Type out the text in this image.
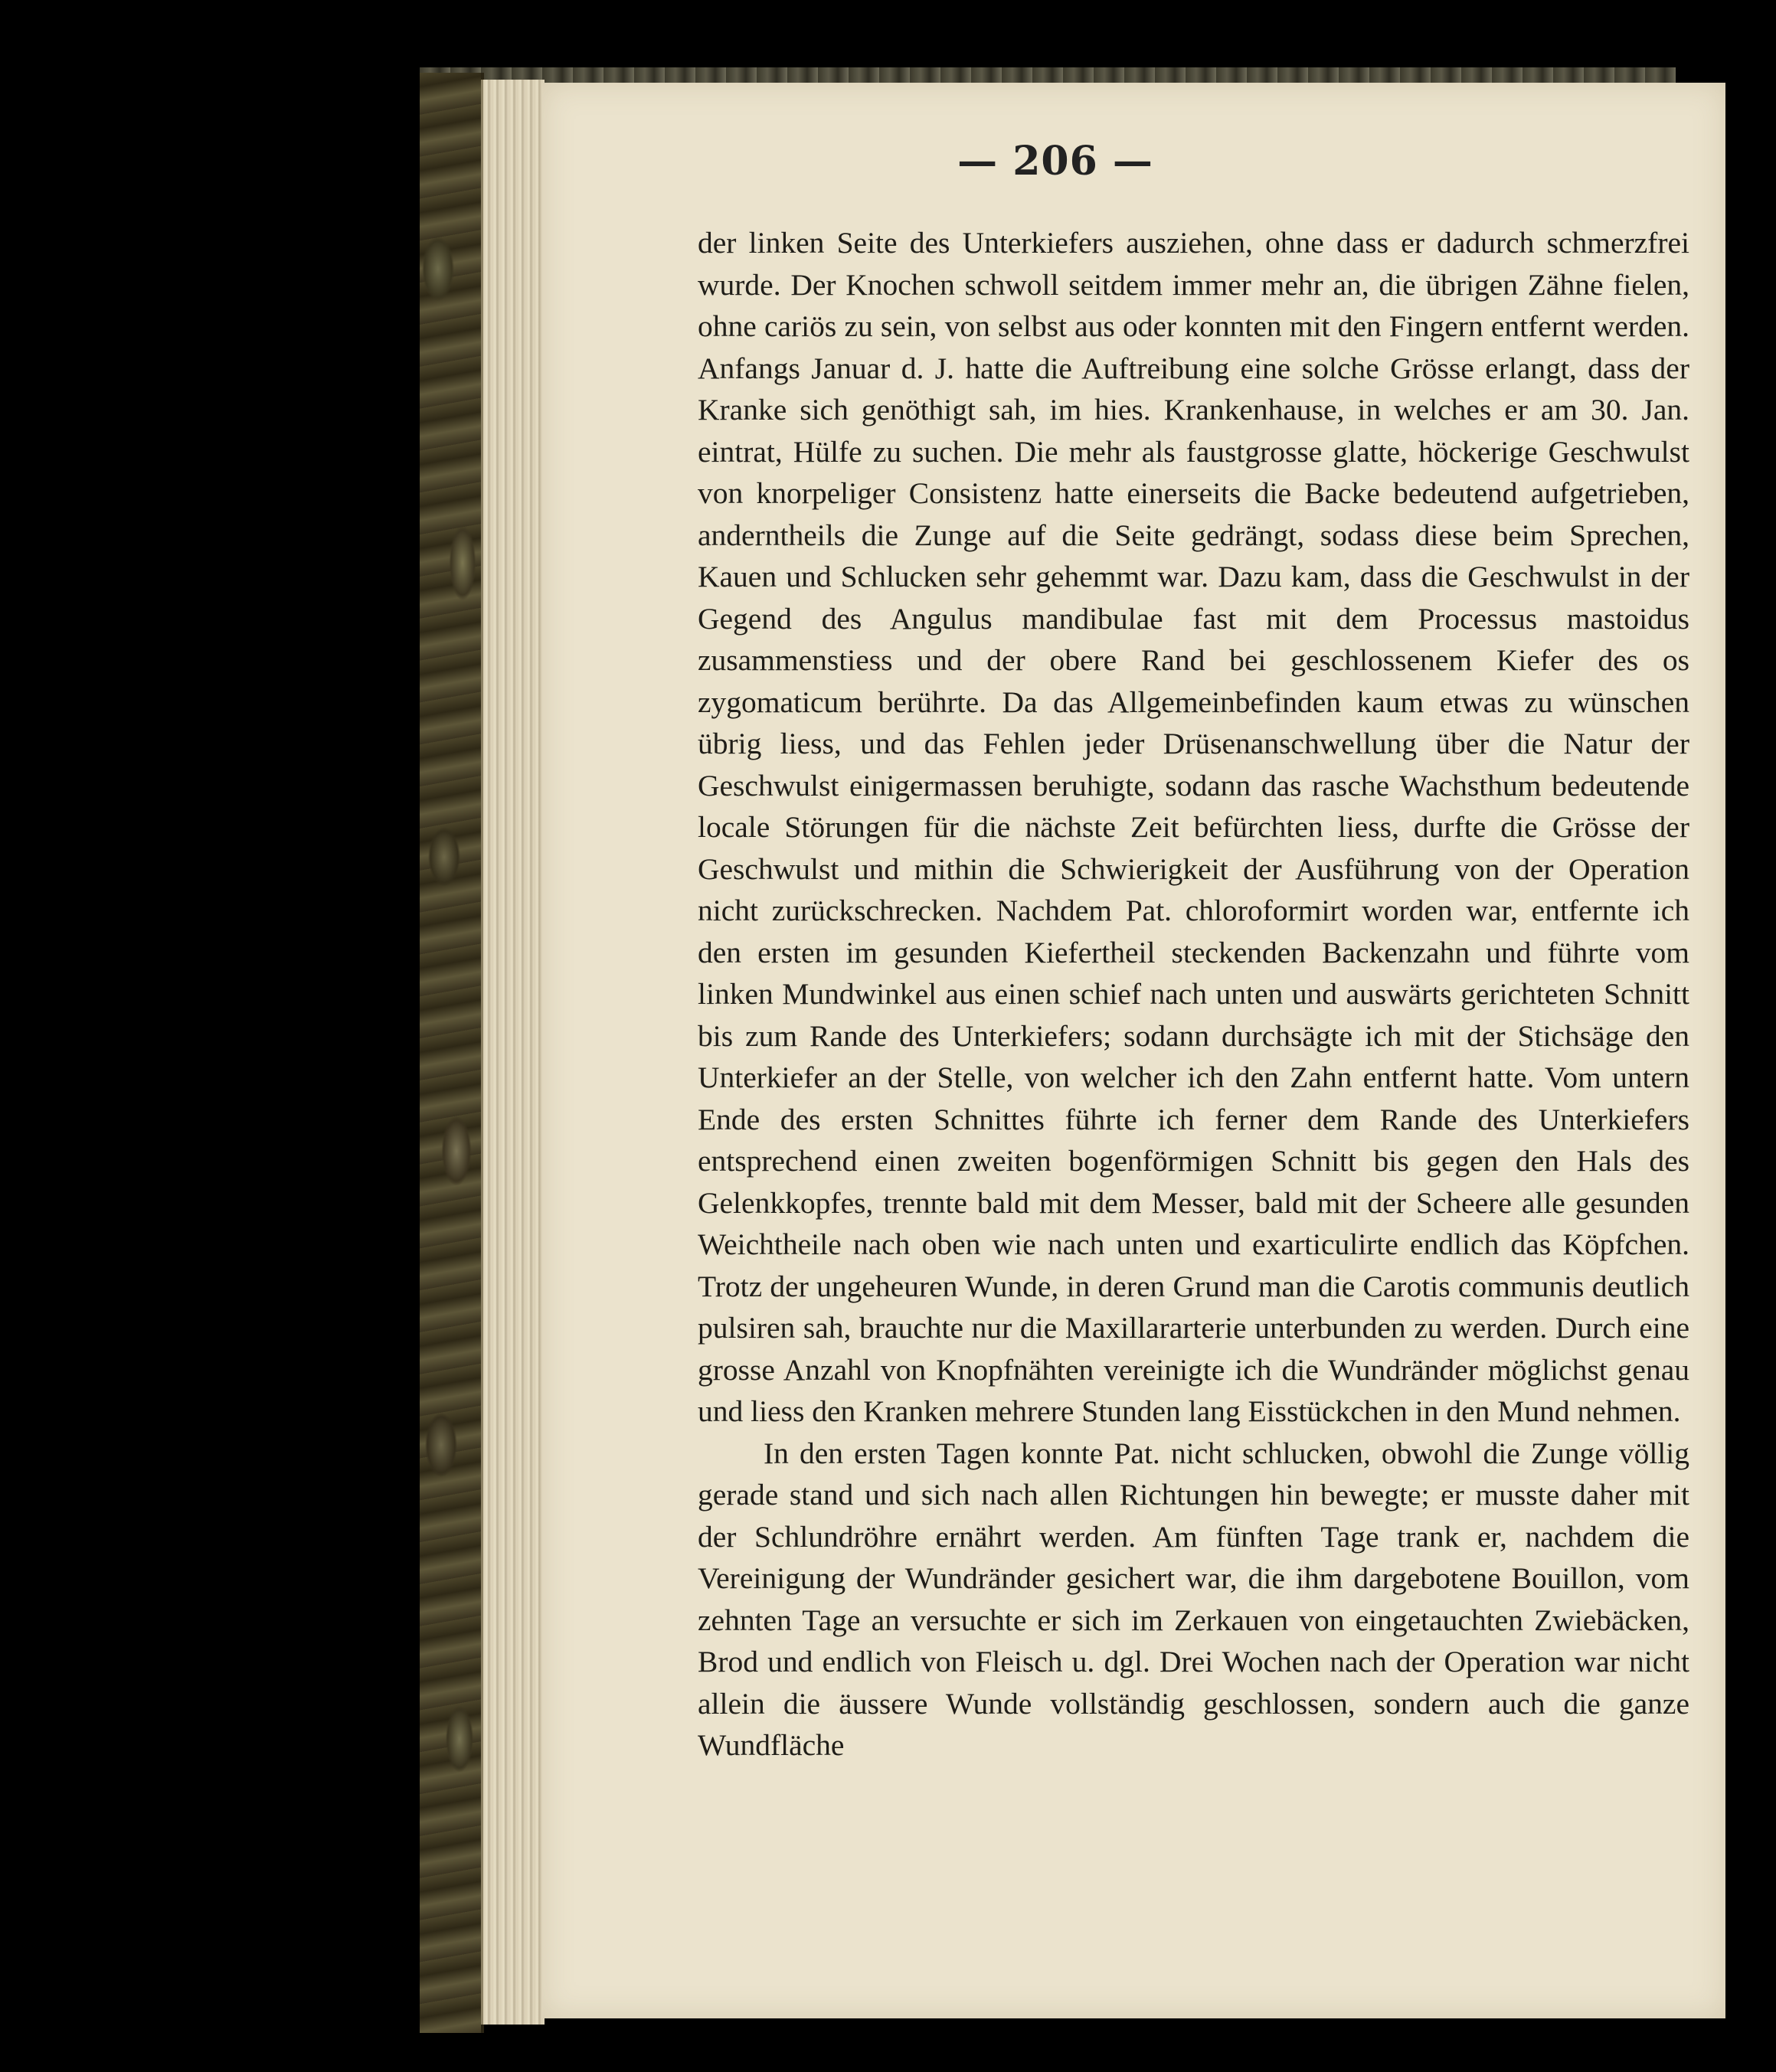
— 206 —

der linken Seite des Unterkiefers ausziehen, ohne dass er dadurch schmerzfrei wurde. Der Knochen schwoll seitdem immer mehr an, die übrigen Zähne fielen, ohne cariös zu sein, von selbst aus oder konnten mit den Fingern entfernt werden. Anfangs Januar d. J. hatte die Auftreibung eine solche Grösse erlangt, dass der Kranke sich genöthigt sah, im hies. Krankenhause, in welches er am 30. Jan. eintrat, Hülfe zu suchen. Die mehr als faustgrosse glatte, höckerige Geschwulst von knorpeliger Consistenz hatte einerseits die Backe bedeutend aufgetrieben, anderntheils die Zunge auf die Seite gedrängt, sodass diese beim Sprechen, Kauen und Schlucken sehr gehemmt war. Dazu kam, dass die Geschwulst in der Gegend des Angulus mandibulae fast mit dem Processus mastoidus zusammenstiess und der obere Rand bei geschlossenem Kiefer des os zygomaticum berührte. Da das Allgemeinbefinden kaum etwas zu wünschen übrig liess, und das Fehlen jeder Drüsenanschwellung über die Natur der Geschwulst einigermassen beruhigte, sodann das rasche Wachsthum bedeutende locale Störungen für die nächste Zeit befürchten liess, durfte die Grösse der Geschwulst und mithin die Schwierigkeit der Ausführung von der Operation nicht zurückschrecken. Nachdem Pat. chloroformirt worden war, entfernte ich den ersten im gesunden Kiefertheil steckenden Backenzahn und führte vom linken Mundwinkel aus einen schief nach unten und auswärts gerichteten Schnitt bis zum Rande des Unterkiefers; sodann durchsägte ich mit der Stichsäge den Unterkiefer an der Stelle, von welcher ich den Zahn entfernt hatte. Vom untern Ende des ersten Schnittes führte ich ferner dem Rande des Unterkiefers entsprechend einen zweiten bogenförmigen Schnitt bis gegen den Hals des Gelenkkopfes, trennte bald mit dem Messer, bald mit der Scheere alle gesunden Weichtheile nach oben wie nach unten und exarticulirte endlich das Köpfchen. Trotz der ungeheuren Wunde, in deren Grund man die Carotis communis deutlich pulsiren sah, brauchte nur die Maxillararterie unterbunden zu werden. Durch eine grosse Anzahl von Knopfnähten vereinigte ich die Wundränder möglichst genau und liess den Kranken mehrere Stunden lang Eisstückchen in den Mund nehmen.

In den ersten Tagen konnte Pat. nicht schlucken, obwohl die Zunge völlig gerade stand und sich nach allen Richtungen hin bewegte; er musste daher mit der Schlundröhre ernährt werden. Am fünften Tage trank er, nachdem die Vereinigung der Wundränder gesichert war, die ihm dargebotene Bouillon, vom zehnten Tage an versuchte er sich im Zerkauen von eingetauchten Zwiebäcken, Brod und endlich von Fleisch u. dgl. Drei Wochen nach der Operation war nicht allein die äussere Wunde vollständig geschlossen, sondern auch die ganze Wundfläche
